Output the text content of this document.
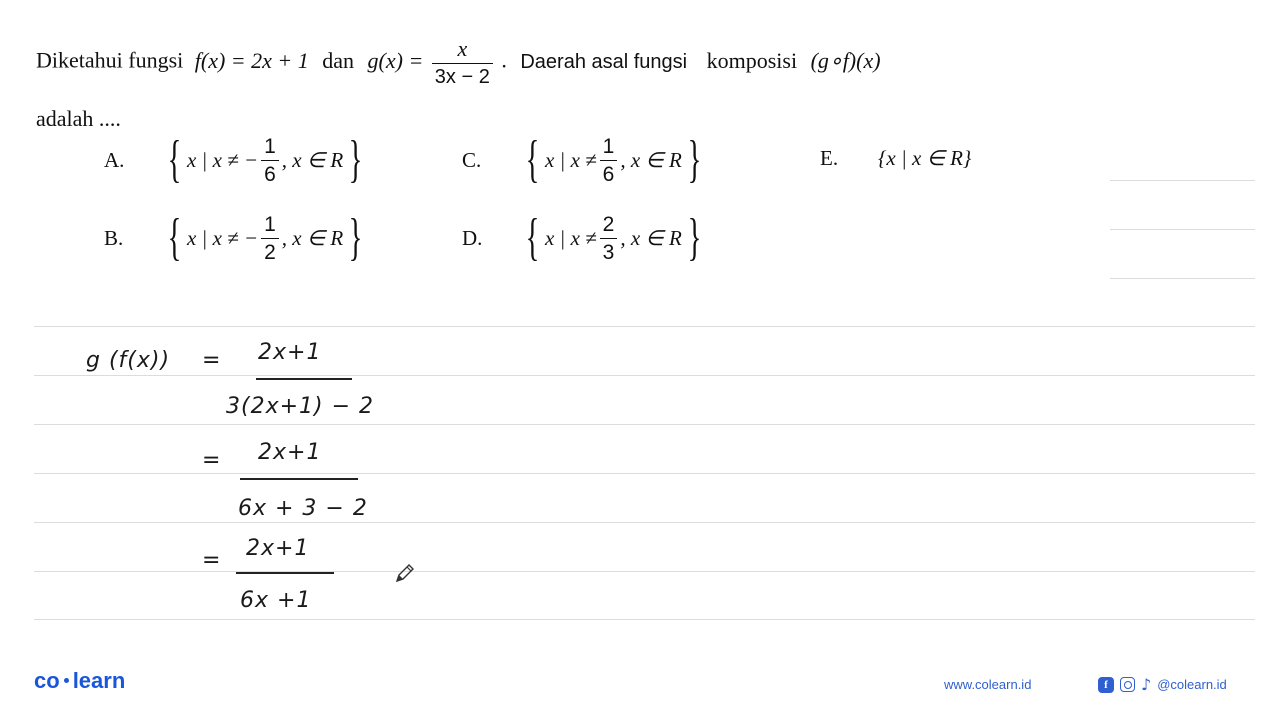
Diketahui fungsi f(x) = 2x + 1 dan $g(x) = \frac{x}{3x - 2}$ . Daerah asal fungsi komposisi (g∘f)(x)
adalah ....
A. { x | x ≠ − $\frac{1}{6}$ , x ∈ R }
B. { x | x ≠ − $\frac{1}{2}$ , x ∈ R }
C. { x | $x \ne \frac{1}{6}$ , x ∈ R }
D. { x | $x \ne \frac{2}{3}$ , x ∈ R }
E.	{x | x ∈ R}
g (f(x)) = 2x+1
3(2x+1) − 2
= 2x+1
6x + 3 − 2
= 2x+1
6x +1
co learn	www.colearn.id	f	♪ @colearn.id
